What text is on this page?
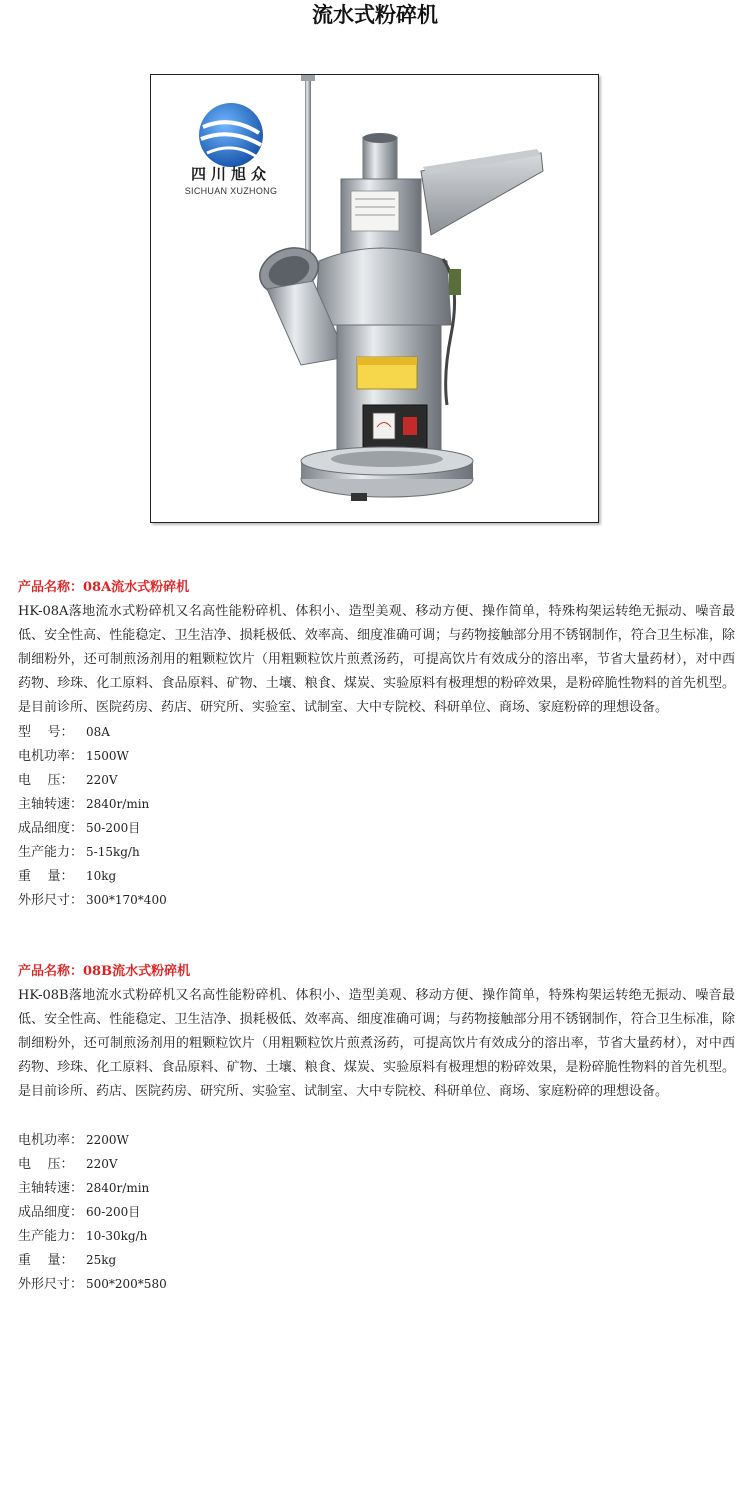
流水式粉碎机
四川旭众
SICHUAN XUZHONG
产品名称：08A流水式粉碎机

HK-08A落地流水式粉碎机又名高性能粉碎机、体积小、造型美观、移动方便、操作简单，特殊构架运转绝无振动、噪音最低、安全性高、性能稳定、卫生洁净、损耗极低、效率高、细度准确可调；与药物接触部分用不锈钢制作，符合卫生标准，除制细粉外，还可制煎汤剂用的粗颗粒饮片（用粗颗粒饮片煎煮汤药，可提高饮片有效成分的溶出率，节省大量药材），对中西药物、珍珠、化工原料、食品原料、矿物、土壤、粮食、煤炭、实验原料有极理想的粉碎效果，是粉碎脆性物料的首先机型。是目前诊所、医院药房、药店、研究所、实验室、试制室、大中专院校、科研单位、商场、家庭粉碎的理想设备。

型    号： 08A
电机功率： 1500W
电    压： 220V
主轴转速： 2840r/min
成品细度： 50-200目
生产能力： 5-15kg/h
重    量： 10kg
外形尺寸： 300*170*400
产品名称：08B流水式粉碎机

HK-08B落地流水式粉碎机又名高性能粉碎机、体积小、造型美观、移动方便、操作简单，特殊构架运转绝无振动、噪音最低、安全性高、性能稳定、卫生洁净、损耗极低、效率高、细度准确可调；与药物接触部分用不锈钢制作，符合卫生标准，除制细粉外，还可制煎汤剂用的粗颗粒饮片（用粗颗粒饮片煎煮汤药，可提高饮片有效成分的溶出率，节省大量药材），对中西药物、珍珠、化工原料、食品原料、矿物、土壤、粮食、煤炭、实验原料有极理想的粉碎效果，是粉碎脆性物料的首先机型。是目前诊所、药店、医院药房、研究所、实验室、试制室、大中专院校、科研单位、商场、家庭粉碎的理想设备。

电机功率： 2200W
电    压： 220V
主轴转速： 2840r/min
成品细度： 60-200目
生产能力： 10-30kg/h
重    量： 25kg
外形尺寸： 500*200*580
